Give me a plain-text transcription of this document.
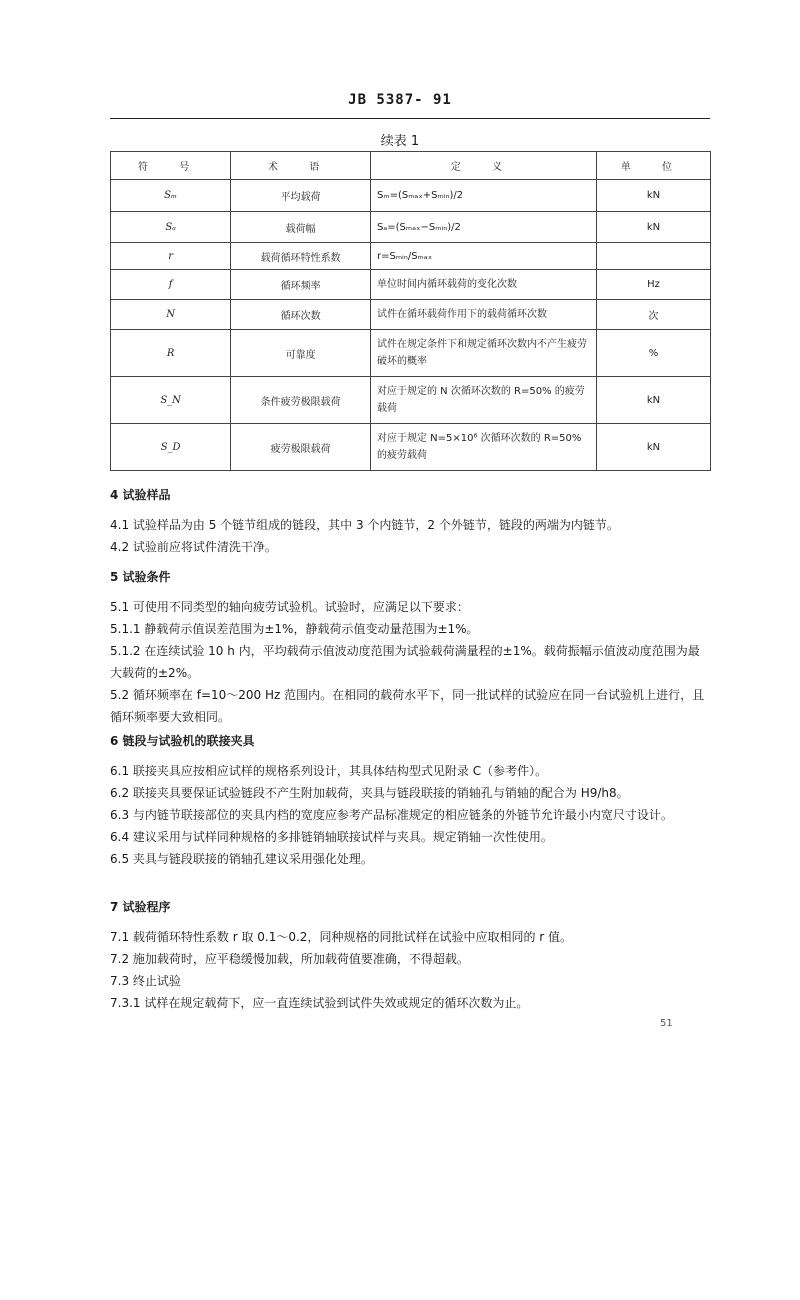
JB 5387- 91
续表 1
符 号	术 语	定 义	单 位
Sₘ	平均载荷	Sₘ=(Sₘₐₓ+Sₘᵢₙ)/2	kN
Sₐ	载荷幅	Sₐ=(Sₘₐₓ−Sₘᵢₙ)/2	kN
r	载荷循环特性系数	r=Sₘᵢₙ/Sₘₐₓ	
f	循环频率	单位时间内循环载荷的变化次数	Hz
N	循环次数	试件在循环载荷作用下的载荷循环次数	次
R	可靠度	试件在规定条件下和规定循环次数内不产生疲劳破坏的概率	%
S_N	条件疲劳极限载荷	对应于规定的 N 次循环次数的 R=50% 的疲劳载荷	kN
S_D	疲劳极限载荷	对应于规定 N=5×10⁶ 次循环次数的 R=50%的疲劳载荷	kN
4 试验样品
4.1 试验样品为由 5 个链节组成的链段，其中 3 个内链节，2 个外链节，链段的两端为内链节。
4.2 试验前应将试件清洗干净。
5 试验条件
5.1 可使用不同类型的轴向疲劳试验机。试验时，应满足以下要求：
5.1.1 静载荷示值误差范围为±1%，静载荷示值变动量范围为±1%。
5.1.2 在连续试验 10 h 内，平均载荷示值波动度范围为试验载荷满量程的±1%。载荷振幅示值波动度范围为最大载荷的±2%。
5.2 循环频率在 f=10～200 Hz 范围内。在相同的载荷水平下，同一批试样的试验应在同一台试验机上进行，且循环频率要大致相同。
6 链段与试验机的联接夹具
6.1 联接夹具应按相应试样的规格系列设计，其具体结构型式见附录 C（参考件）。
6.2 联接夹具要保证试验链段不产生附加载荷，夹具与链段联接的销轴孔与销轴的配合为 H9/h8。
6.3 与内链节联接部位的夹具内档的宽度应参考产品标准规定的相应链条的外链节允许最小内宽尺寸设计。
6.4 建议采用与试样同种规格的多排链销轴联接试样与夹具。规定销轴一次性使用。
6.5 夹具与链段联接的销轴孔建议采用强化处理。
7 试验程序
7.1 载荷循环特性系数 r 取 0.1～0.2，同种规格的同批试样在试验中应取相同的 r 值。
7.2 施加载荷时，应平稳缓慢加载，所加载荷值要准确，不得超载。
7.3 终止试验
7.3.1 试样在规定载荷下，应一直连续试验到试件失效或规定的循环次数为止。
51
